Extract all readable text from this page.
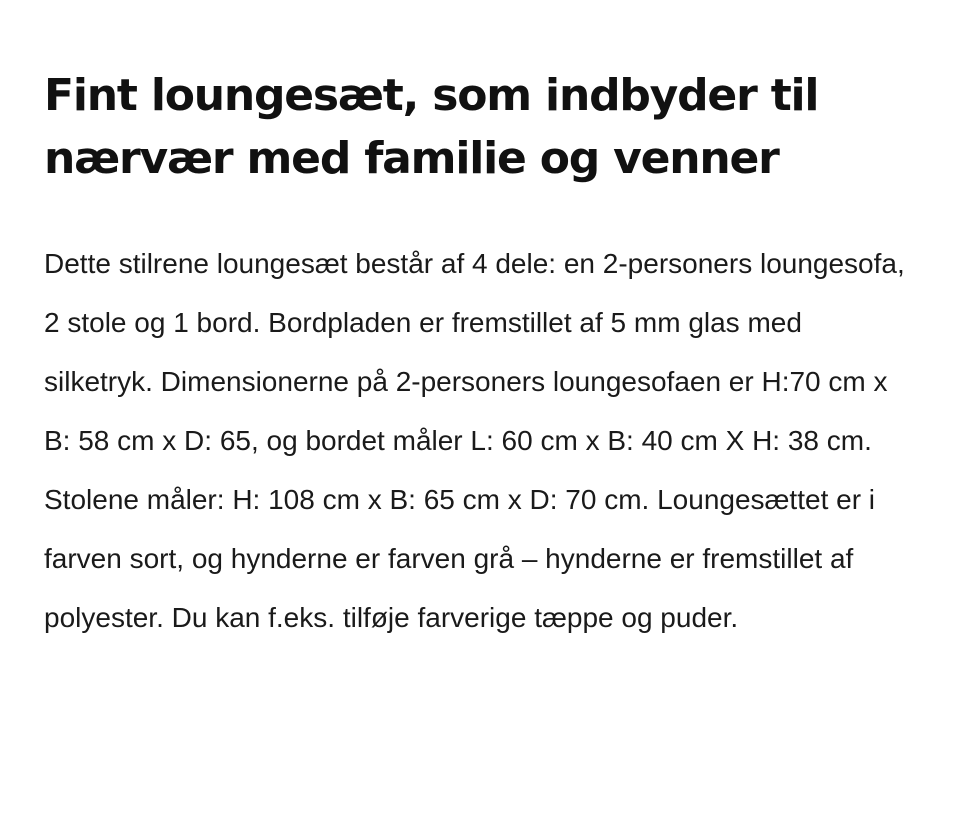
Fint loungesæt, som indbyder til nærvær med familie og venner

Dette stilrene loungesæt består af 4 dele: en 2-personers loungesofa, 2 stole og 1 bord. Bordpladen er fremstillet af 5 mm glas med silketryk. Dimensionerne på 2-personers loungesofaen er H:70 cm x B: 58 cm x D: 65, og bordet måler L: 60 cm x B: 40 cm X H: 38 cm. Stolene måler: H: 108 cm x B: 65 cm x D: 70 cm. Loungesættet er i farven sort, og hynderne er farven grå – hynderne er fremstillet af polyester. Du kan f.eks. tilføje farverige tæppe og puder.
